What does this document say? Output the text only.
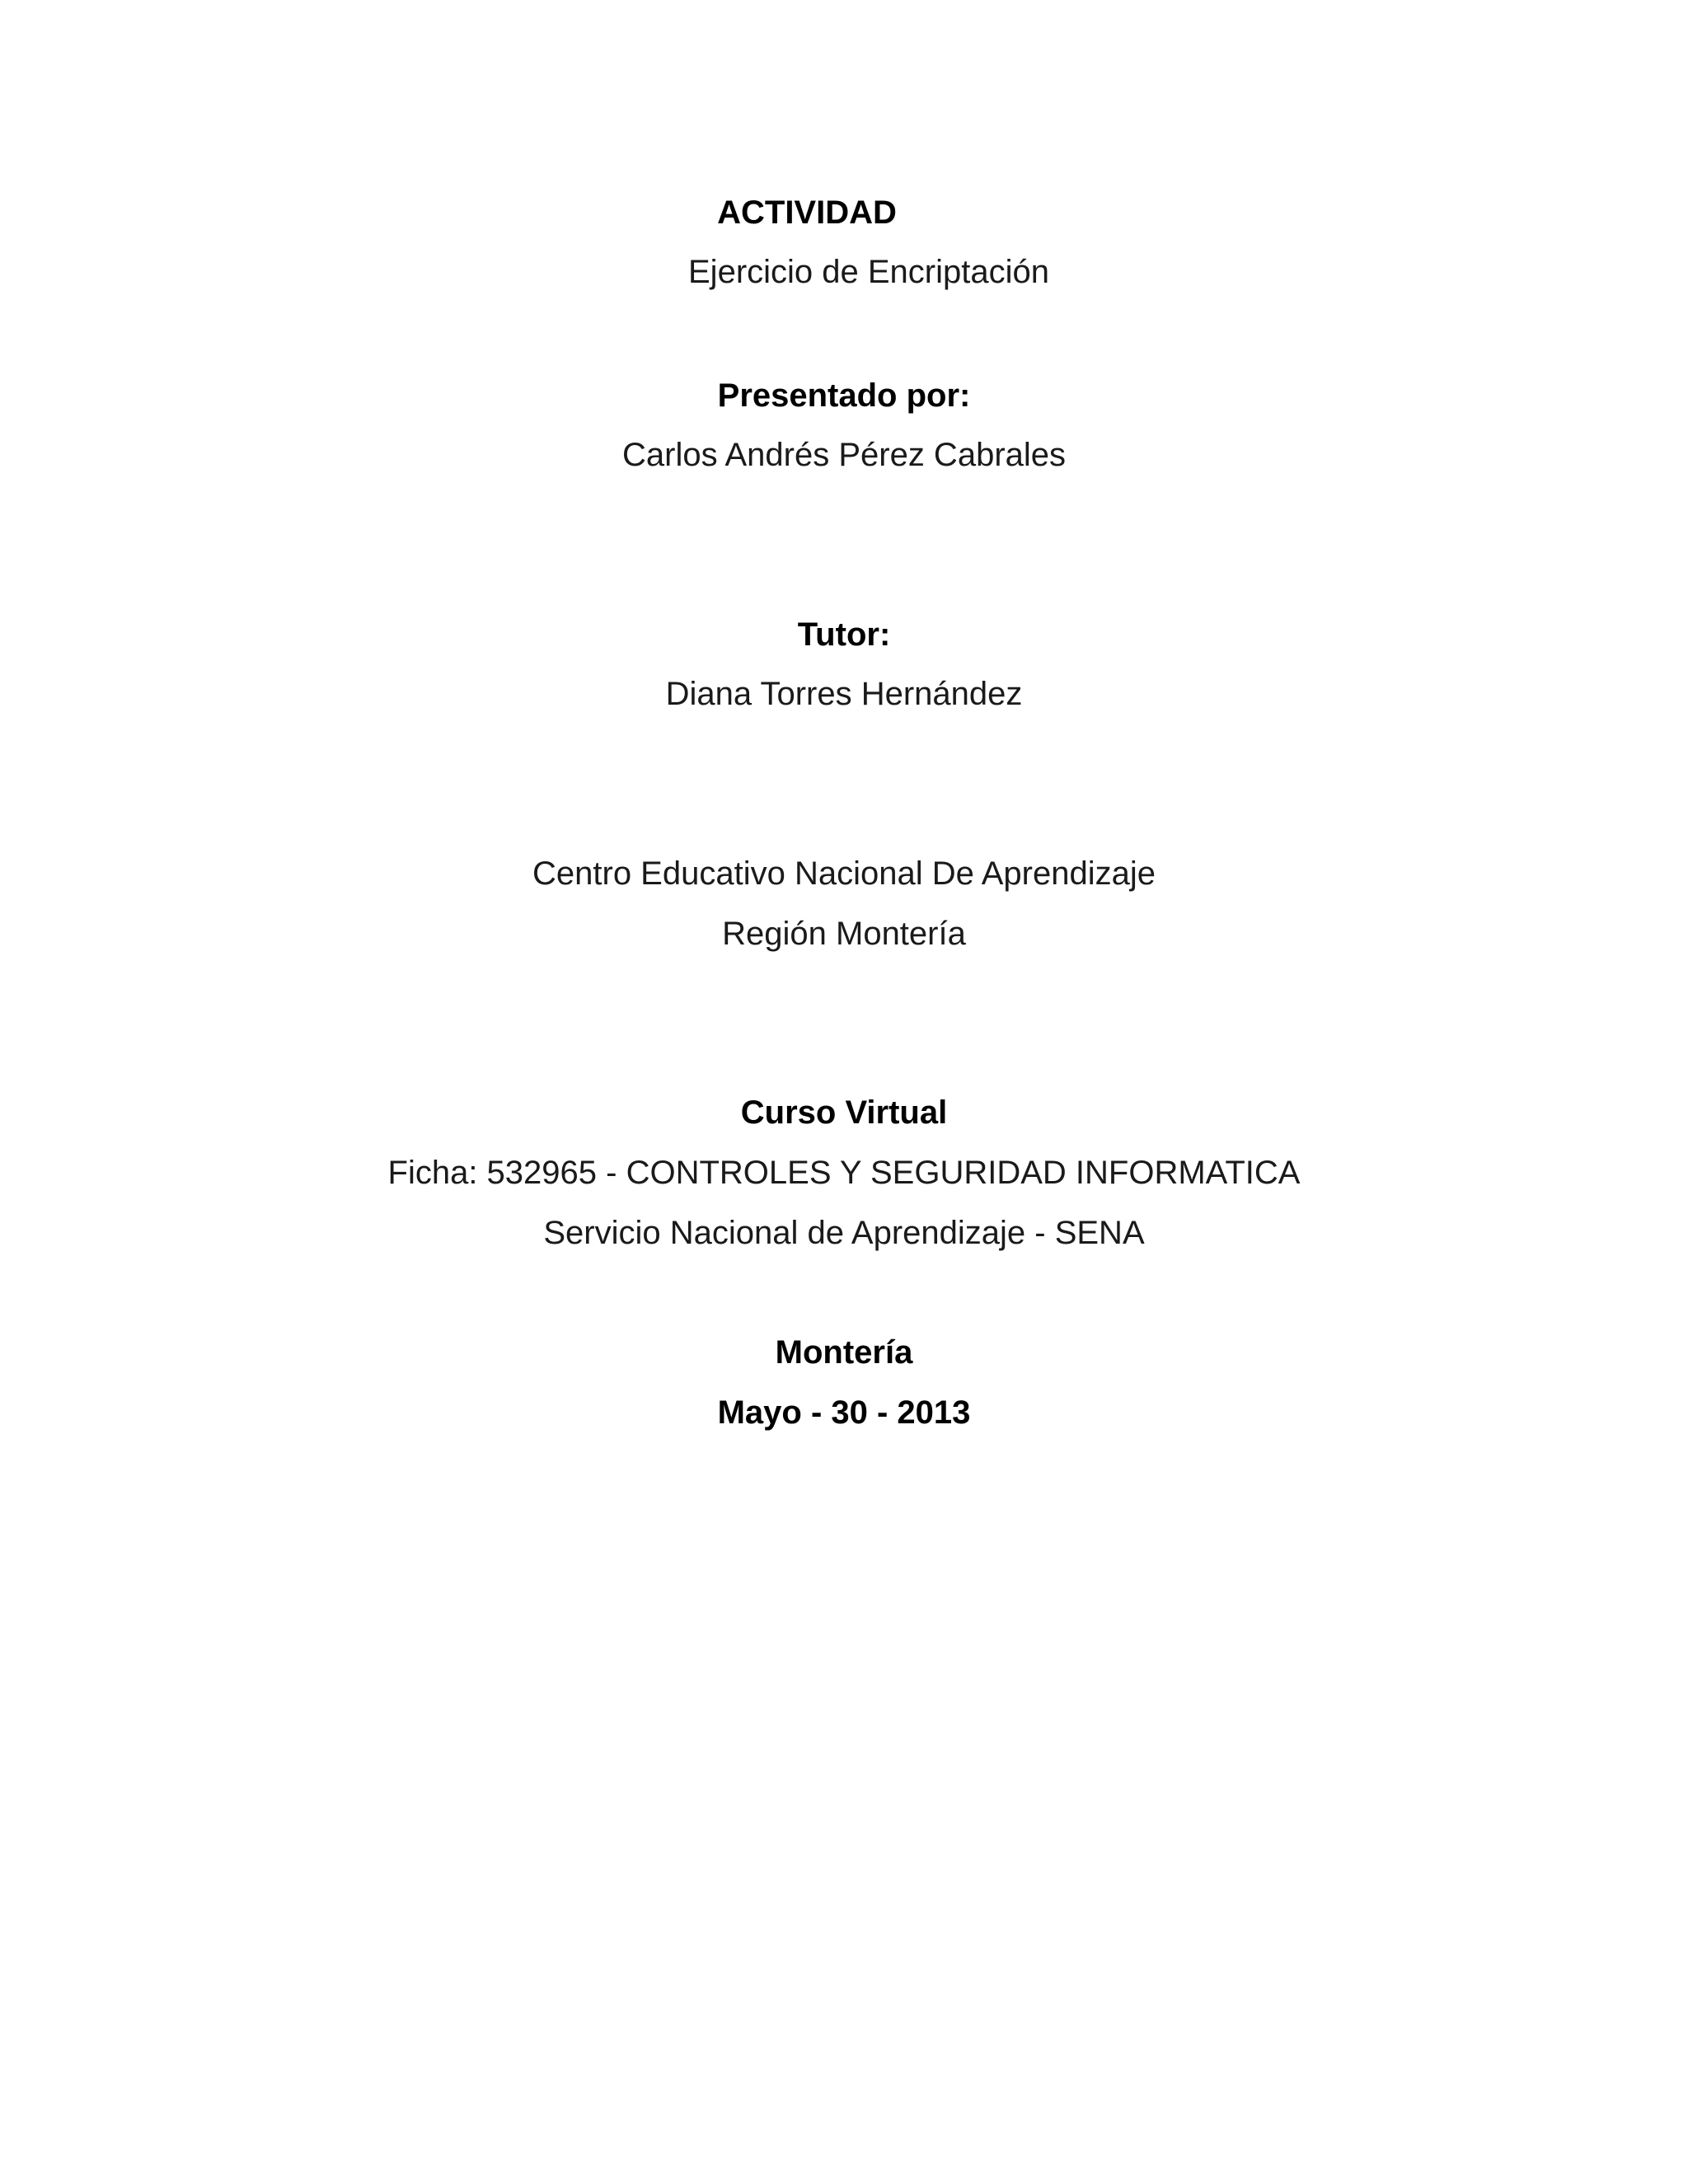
ACTIVIDAD

Ejercicio de Encriptación

Presentado por:

Carlos Andrés Pérez Cabrales

Tutor:

Diana Torres Hernández

Centro Educativo Nacional De Aprendizaje

Región Montería

Curso Virtual

Ficha: 532965 - CONTROLES Y SEGURIDAD INFORMATICA

Servicio Nacional de Aprendizaje - SENA

Montería

Mayo - 30 - 2013
